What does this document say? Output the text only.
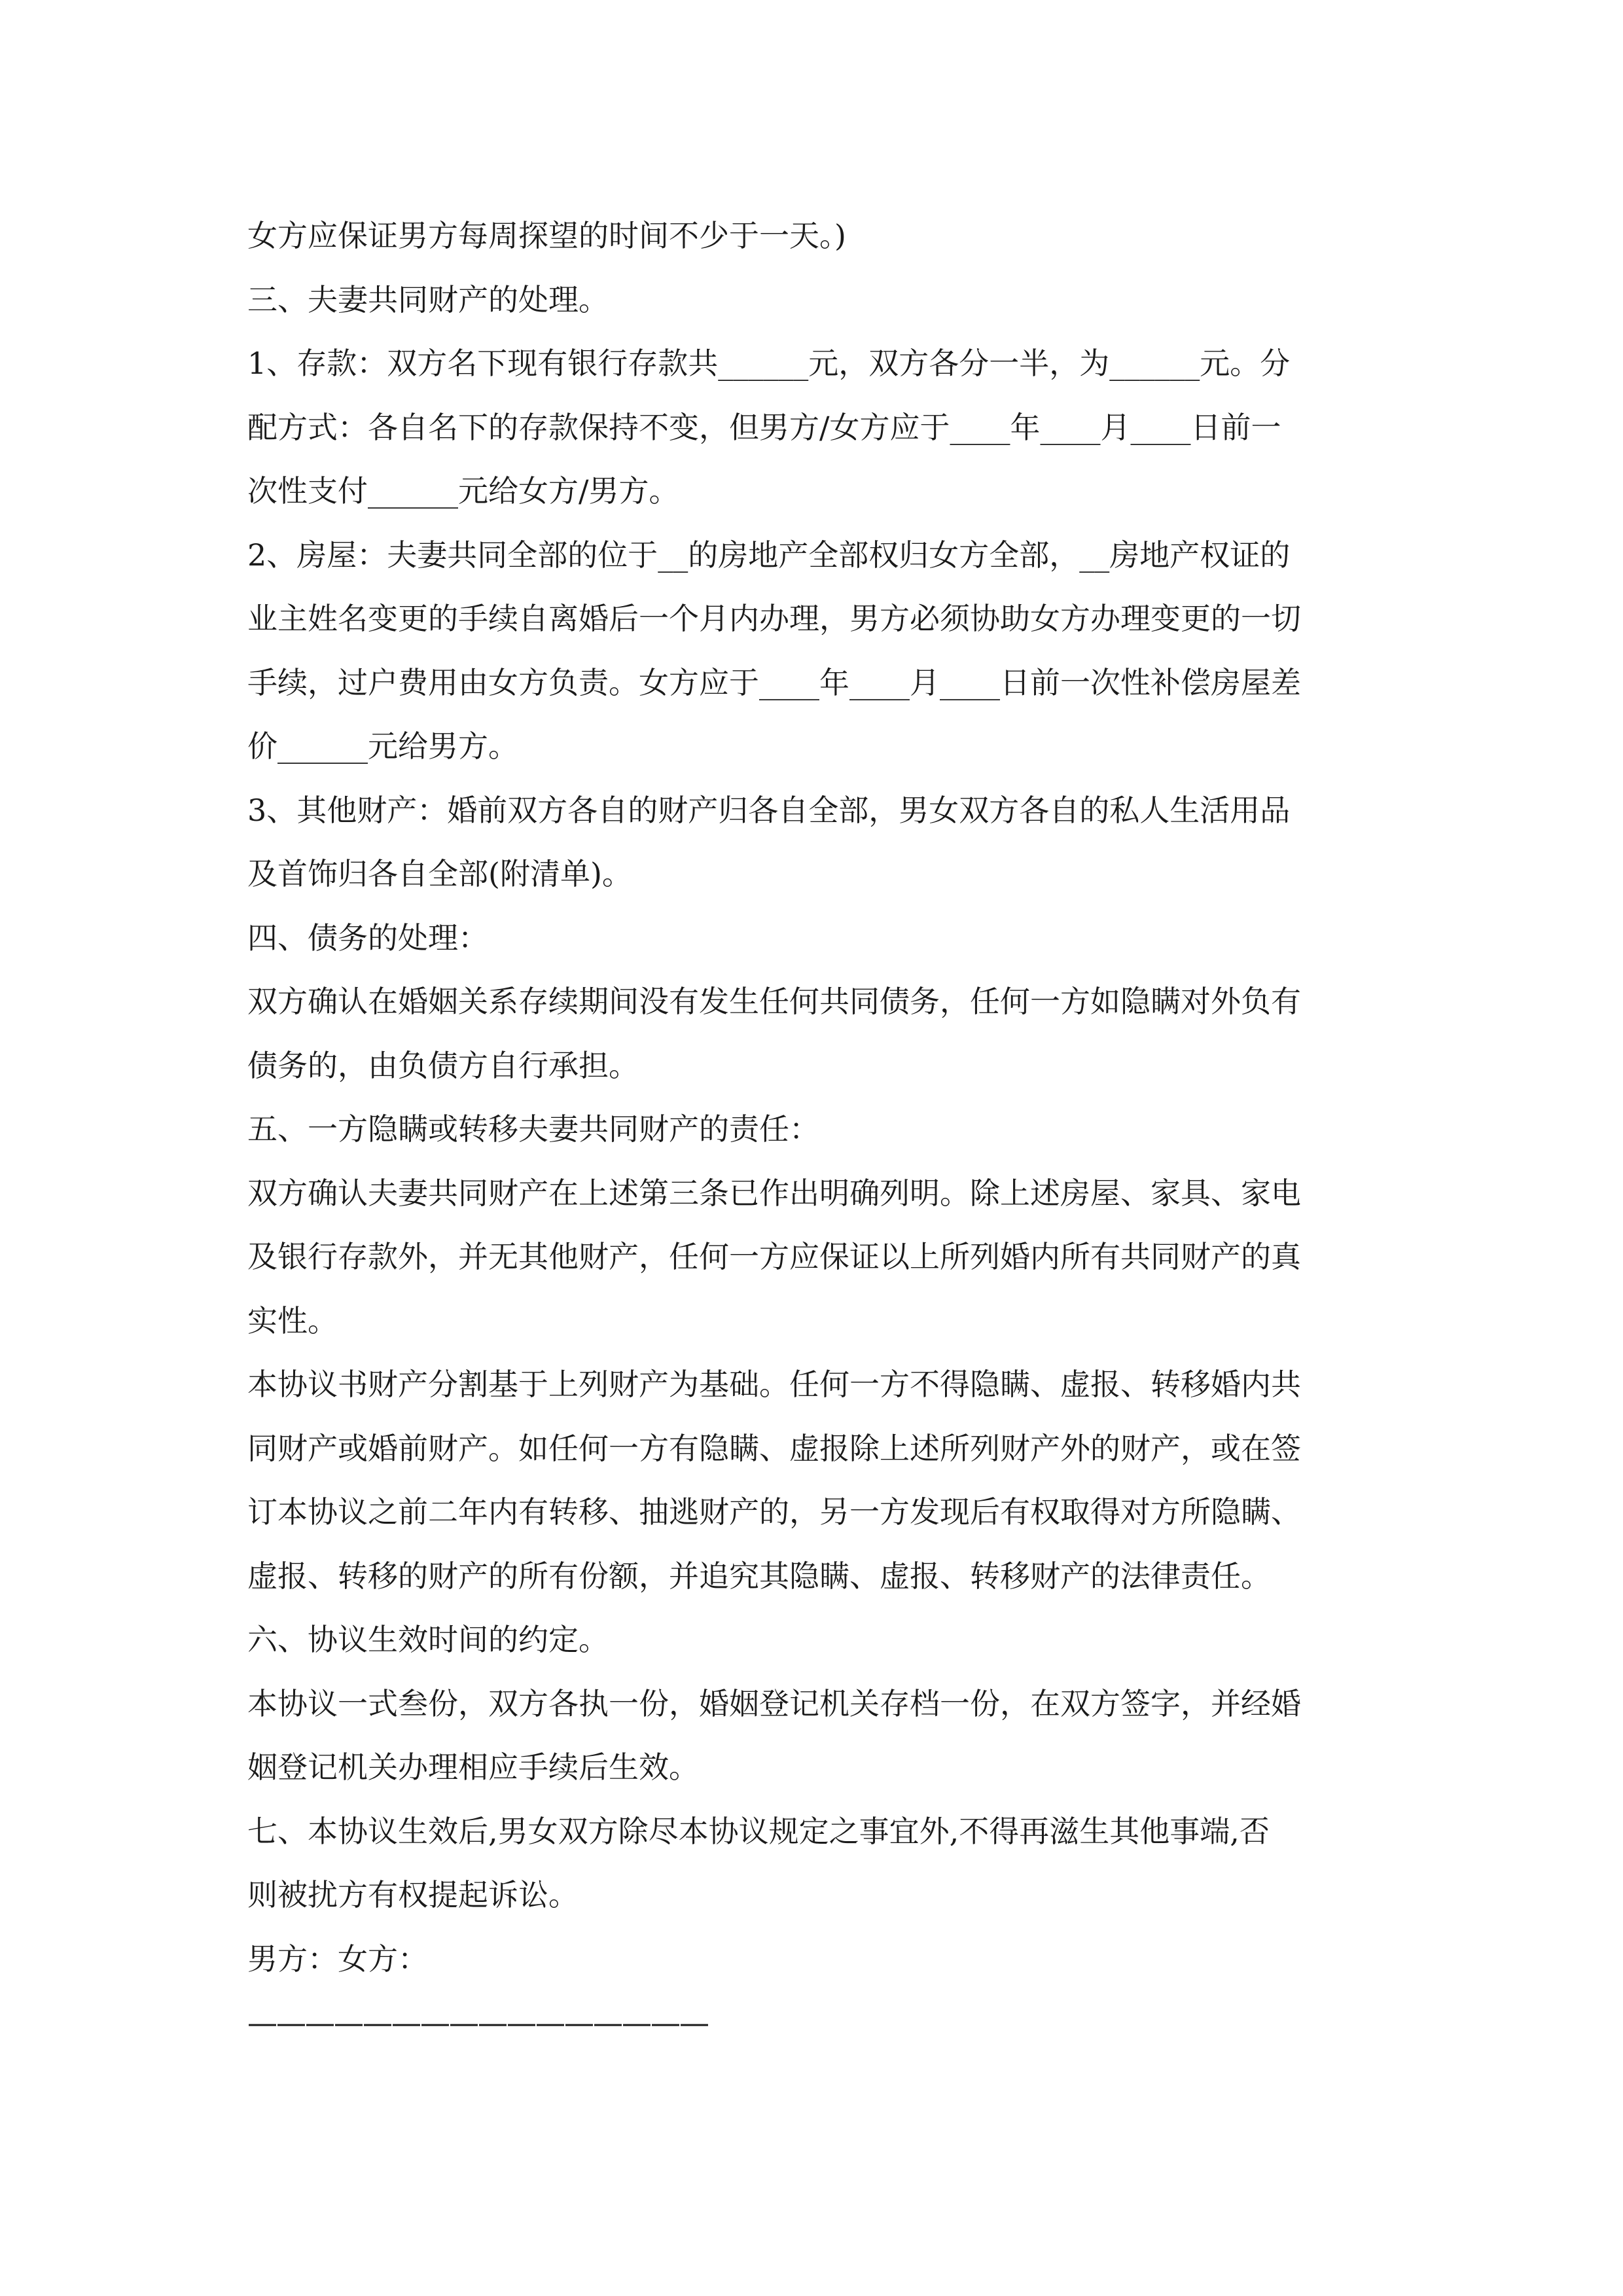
女方应保证男方每周探望的时间不少于一天。)
三、夫妻共同财产的处理。
1、存款：双方名下现有银行存款共______元，双方各分一半，为______元。分
配方式：各自名下的存款保持不变，但男方/女方应于____年____月____日前一
次性支付______元给女方/男方。
2、房屋：夫妻共同全部的位于__的房地产全部权归女方全部，__房地产权证的
业主姓名变更的手续自离婚后一个月内办理，男方必须协助女方办理变更的一切
手续，过户费用由女方负责。女方应于____年____月____日前一次性补偿房屋差
价______元给男方。
3、其他财产：婚前双方各自的财产归各自全部，男女双方各自的私人生活用品
及首饰归各自全部(附清单)。
四、债务的处理：
双方确认在婚姻关系存续期间没有发生任何共同债务，任何一方如隐瞒对外负有
债务的，由负债方自行承担。
五、一方隐瞒或转移夫妻共同财产的责任：
双方确认夫妻共同财产在上述第三条已作出明确列明。除上述房屋、家具、家电
及银行存款外，并无其他财产，任何一方应保证以上所列婚内所有共同财产的真
实性。
本协议书财产分割基于上列财产为基础。任何一方不得隐瞒、虚报、转移婚内共
同财产或婚前财产。如任何一方有隐瞒、虚报除上述所列财产外的财产，或在签
订本协议之前二年内有转移、抽逃财产的，另一方发现后有权取得对方所隐瞒、
虚报、转移的财产的所有份额，并追究其隐瞒、虚报、转移财产的法律责任。
六、协议生效时间的约定。
本协议一式叁份，双方各执一份，婚姻登记机关存档一份，在双方签字，并经婚
姻登记机关办理相应手续后生效。
七、本协议生效后,男女双方除尽本协议规定之事宜外,不得再滋生其他事端,否
则被扰方有权提起诉讼。
男方：女方：
————————————————
